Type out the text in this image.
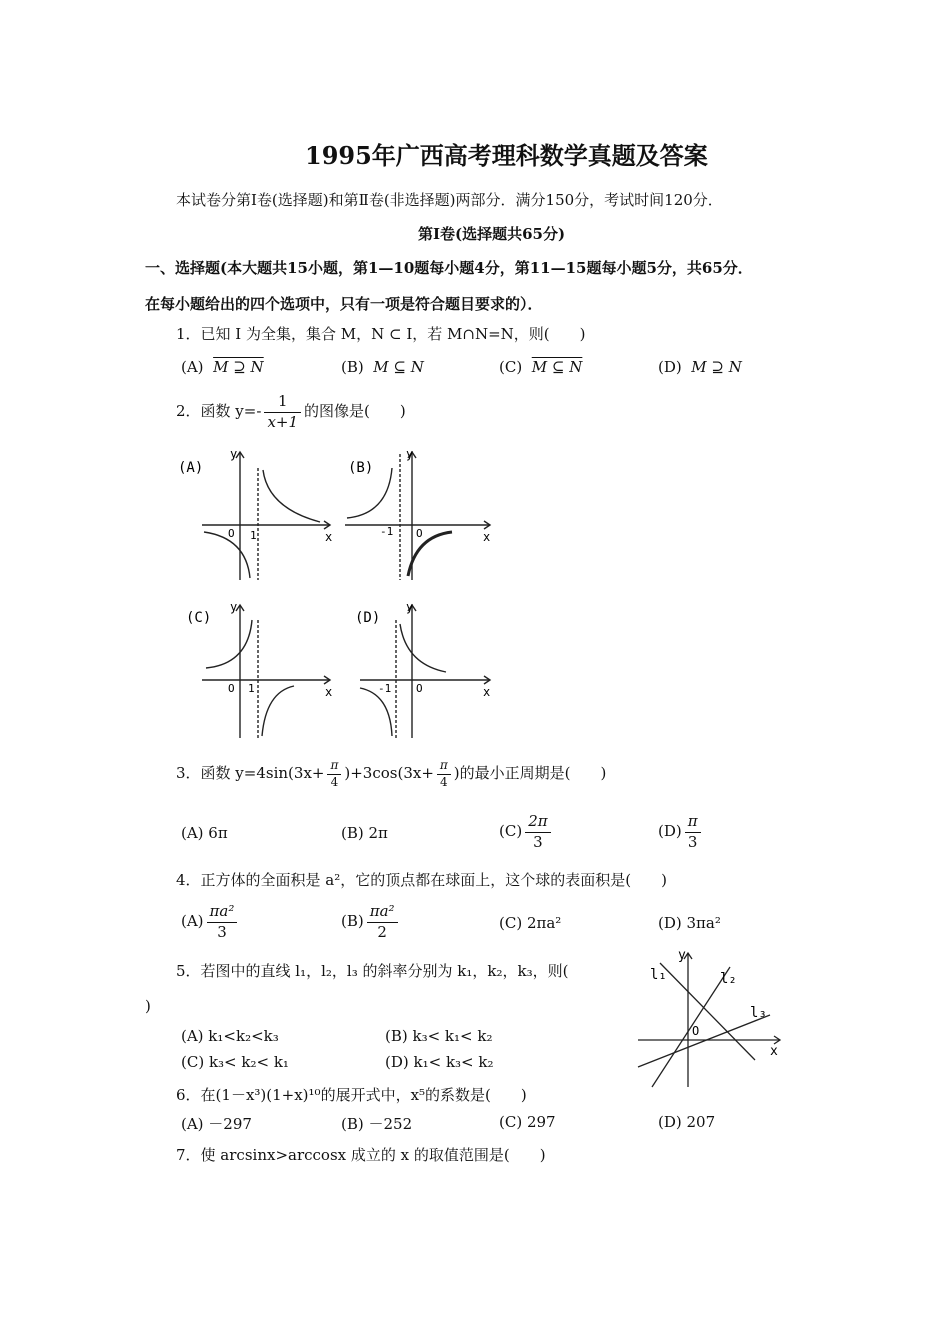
1995年广西高考理科数学真题及答案
本试卷分第Ⅰ卷(选择题)和第Ⅱ卷(非选择题)两部分．满分150分，考试时间120分．
第Ⅰ卷(选择题共65分)
一、选择题(本大题共15小题，第1—10题每小题4分，第11—15题每小题5分，共65分．
在每小题给出的四个选项中，只有一项是符合题目要求的）．
1．已知 I 为全集，集合 M，N ⊂ I，若 M∩N=N，则(　　)
(A) M ⊇ N	(B) M ⊆ N	(C) M ⊆ N	(D) M ⊇ N
2．函数 $y=- \frac{1}{x+1}$ 的图像是(　　)
(A)
y
x
O 1
(B)
y
x
O
-1
(C)
y
x
O 1
(D)
y
x
O
-1
3．函数 $y=4\sin(3x+ \frac{\pi}{4} )+3\cos(3x+ \frac{\pi}{4}$ )的最小正周期是(　　)
(A) 6π	(B) 2π	$(C) \frac{2\pi}{3}$	$(D) \frac{\pi}{3}$
4．正方体的全面积是 a²，它的顶点都在球面上，这个球的表面积是(　　)
$(A) \frac{\text{πa²}}{3}$	$(B) \frac{\text{πa²}}{2}$	(C) 2πa²	(D) 3πa²
5．若图中的直线 l₁，l₂，l₃ 的斜率分别为 k₁，k₂，k₃，则(
)
(A) k₁<k₂<k₃	(B) k₃< k₁< k₂
(C) k₃< k₂< k₁	(D) k₁< k₃< k₂
y
x
O
l₁	l₂
l₃
6．在(1－x³)(1+x)¹⁰的展开式中，x⁵的系数是(　　)
(A) －297	(B) －252	(C) 297	(D) 207
7．使 arcsinx>arccosx 成立的 x 的取值范围是(　　)
